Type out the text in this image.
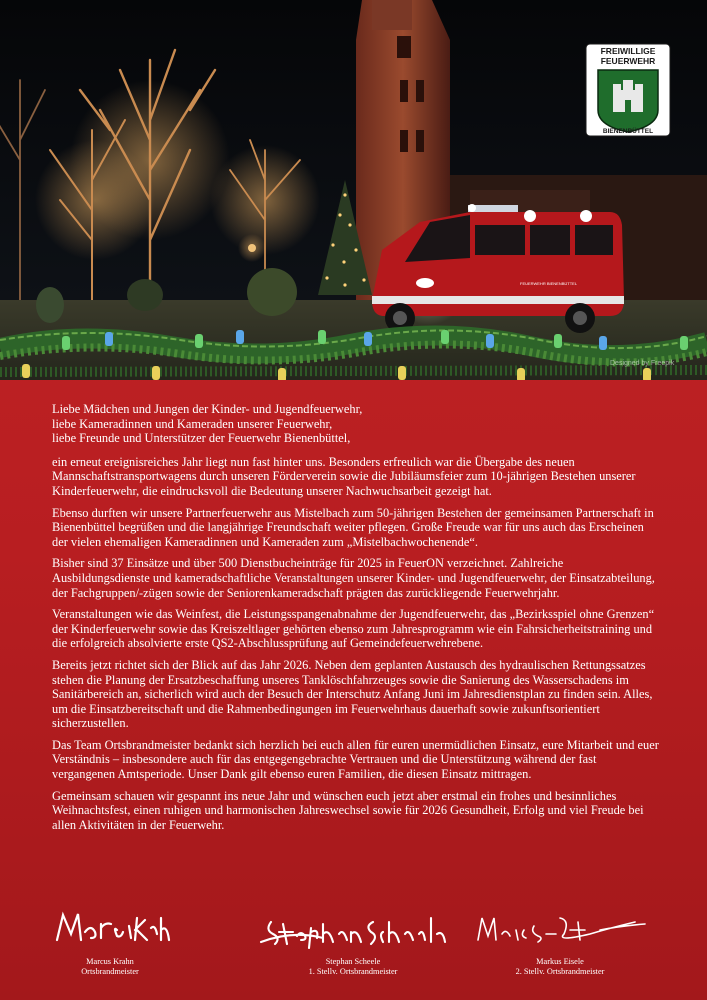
FEUERWEHR BIENENBÜTTEL
FREIWILLIGE
FEUERWEHR
BIENENBÜTTEL
Designed by Freepik

Liebe Mädchen und Jungen der Kinder- und Jugendfeuerwehr,
liebe Kameradinnen und Kameraden unserer Feuerwehr,
liebe Freunde und Unterstützer der Feuerwehr Bienenbüttel,

ein erneut ereignisreiches Jahr liegt nun fast hinter uns. Besonders erfreulich war die Übergabe des neuen Mannschaftstransportwagens durch unseren Förderverein sowie die Jubiläumsfeier zum 10-jährigen Bestehen unserer Kinderfeuerwehr, die eindrucksvoll die Bedeutung unserer Nachwuchsarbeit gezeigt hat.

Ebenso durften wir unsere Partnerfeuerwehr aus Mistelbach zum 50-jährigen Bestehen der gemeinsamen Partnerschaft in Bienenbüttel begrüßen und die langjährige Freundschaft weiter pflegen. Große Freude war für uns auch das Erscheinen der vielen ehemaligen Kameradinnen und Kameraden zum „Mistelbachwochenende“.

Bisher sind 37 Einsätze und über 500 Dienstbucheinträge für 2025 in FeuerON verzeichnet. Zahlreiche Ausbildungsdienste und kameradschaftliche Veranstaltungen unserer Kinder- und Jugendfeuerwehr, der Einsatzabteilung, der Fachgruppen/-zügen sowie der Seniorenkameradschaft prägten das zurückliegende Feuerwehrjahr.

Veranstaltungen wie das Weinfest, die Leistungsspangenabnahme der Jugendfeuerwehr, das „Bezirksspiel ohne Grenzen“ der Kinderfeuerwehr sowie das Kreiszeltlager gehörten ebenso zum Jahresprogramm wie ein Fahrsicherheitstraining und die erfolgreich absolvierte erste QS2-Abschlussprüfung auf Gemeindefeuerwehrebene.

Bereits jetzt richtet sich der Blick auf das Jahr 2026. Neben dem geplanten Austausch des hydraulischen Rettungssatzes stehen die Planung der Ersatzbeschaffung unseres Tanklöschfahrzeuges sowie die Sanierung des Wasserschadens im Sanitärbereich an, sicherlich wird auch der Besuch der Interschutz Anfang Juni im Jahresdienstplan zu finden sein. Alles, um die Einsatzbereitschaft und die Rahmenbedingungen im Feuerwehrhaus dauerhaft sowie zukunftsorientiert sicherzustellen.

Das Team Ortsbrandmeister bedankt sich herzlich bei euch allen für euren unermüdlichen Einsatz, eure Mitarbeit und euer Verständnis – insbesondere auch für das entgegengebrachte Vertrauen und die Unterstützung während der fast vergangenen Amtsperiode. Unser Dank gilt ebenso euren Familien, die diesen Einsatz mittragen.

Gemeinsam schauen wir gespannt ins neue Jahr und wünschen euch jetzt aber erstmal ein frohes und besinnliches Weihnachtsfest, einen ruhigen und harmonischen Jahreswechsel sowie für 2026 Gesundheit, Erfolg und viel Freude bei allen Aktivitäten in der Feuerwehr.

Marcus Krahn
Ortsbrandmeister
Stephan Scheele
1. Stellv. Ortsbrandmeister
Markus Eisele
2. Stellv. Ortsbrandmeister
